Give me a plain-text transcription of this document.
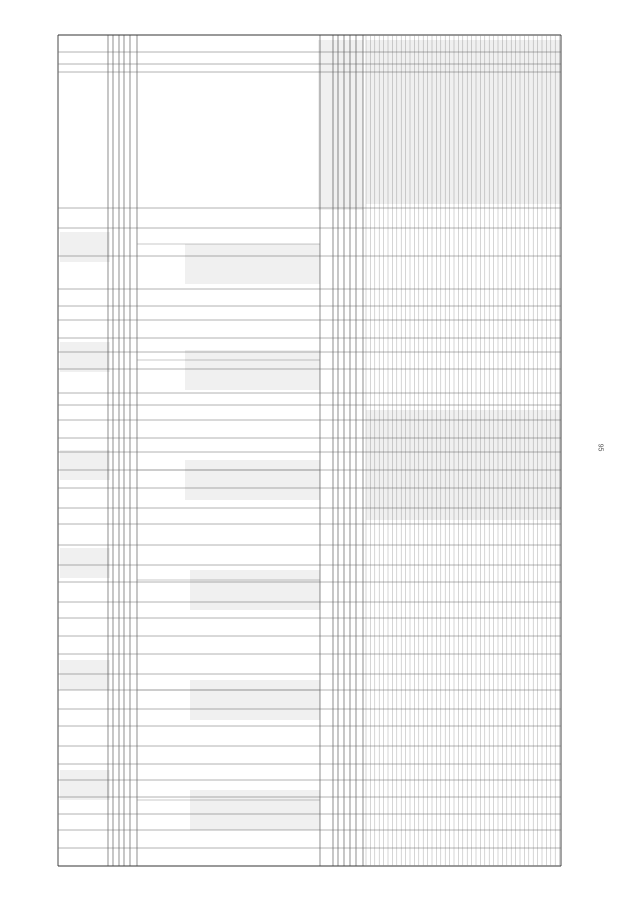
95
